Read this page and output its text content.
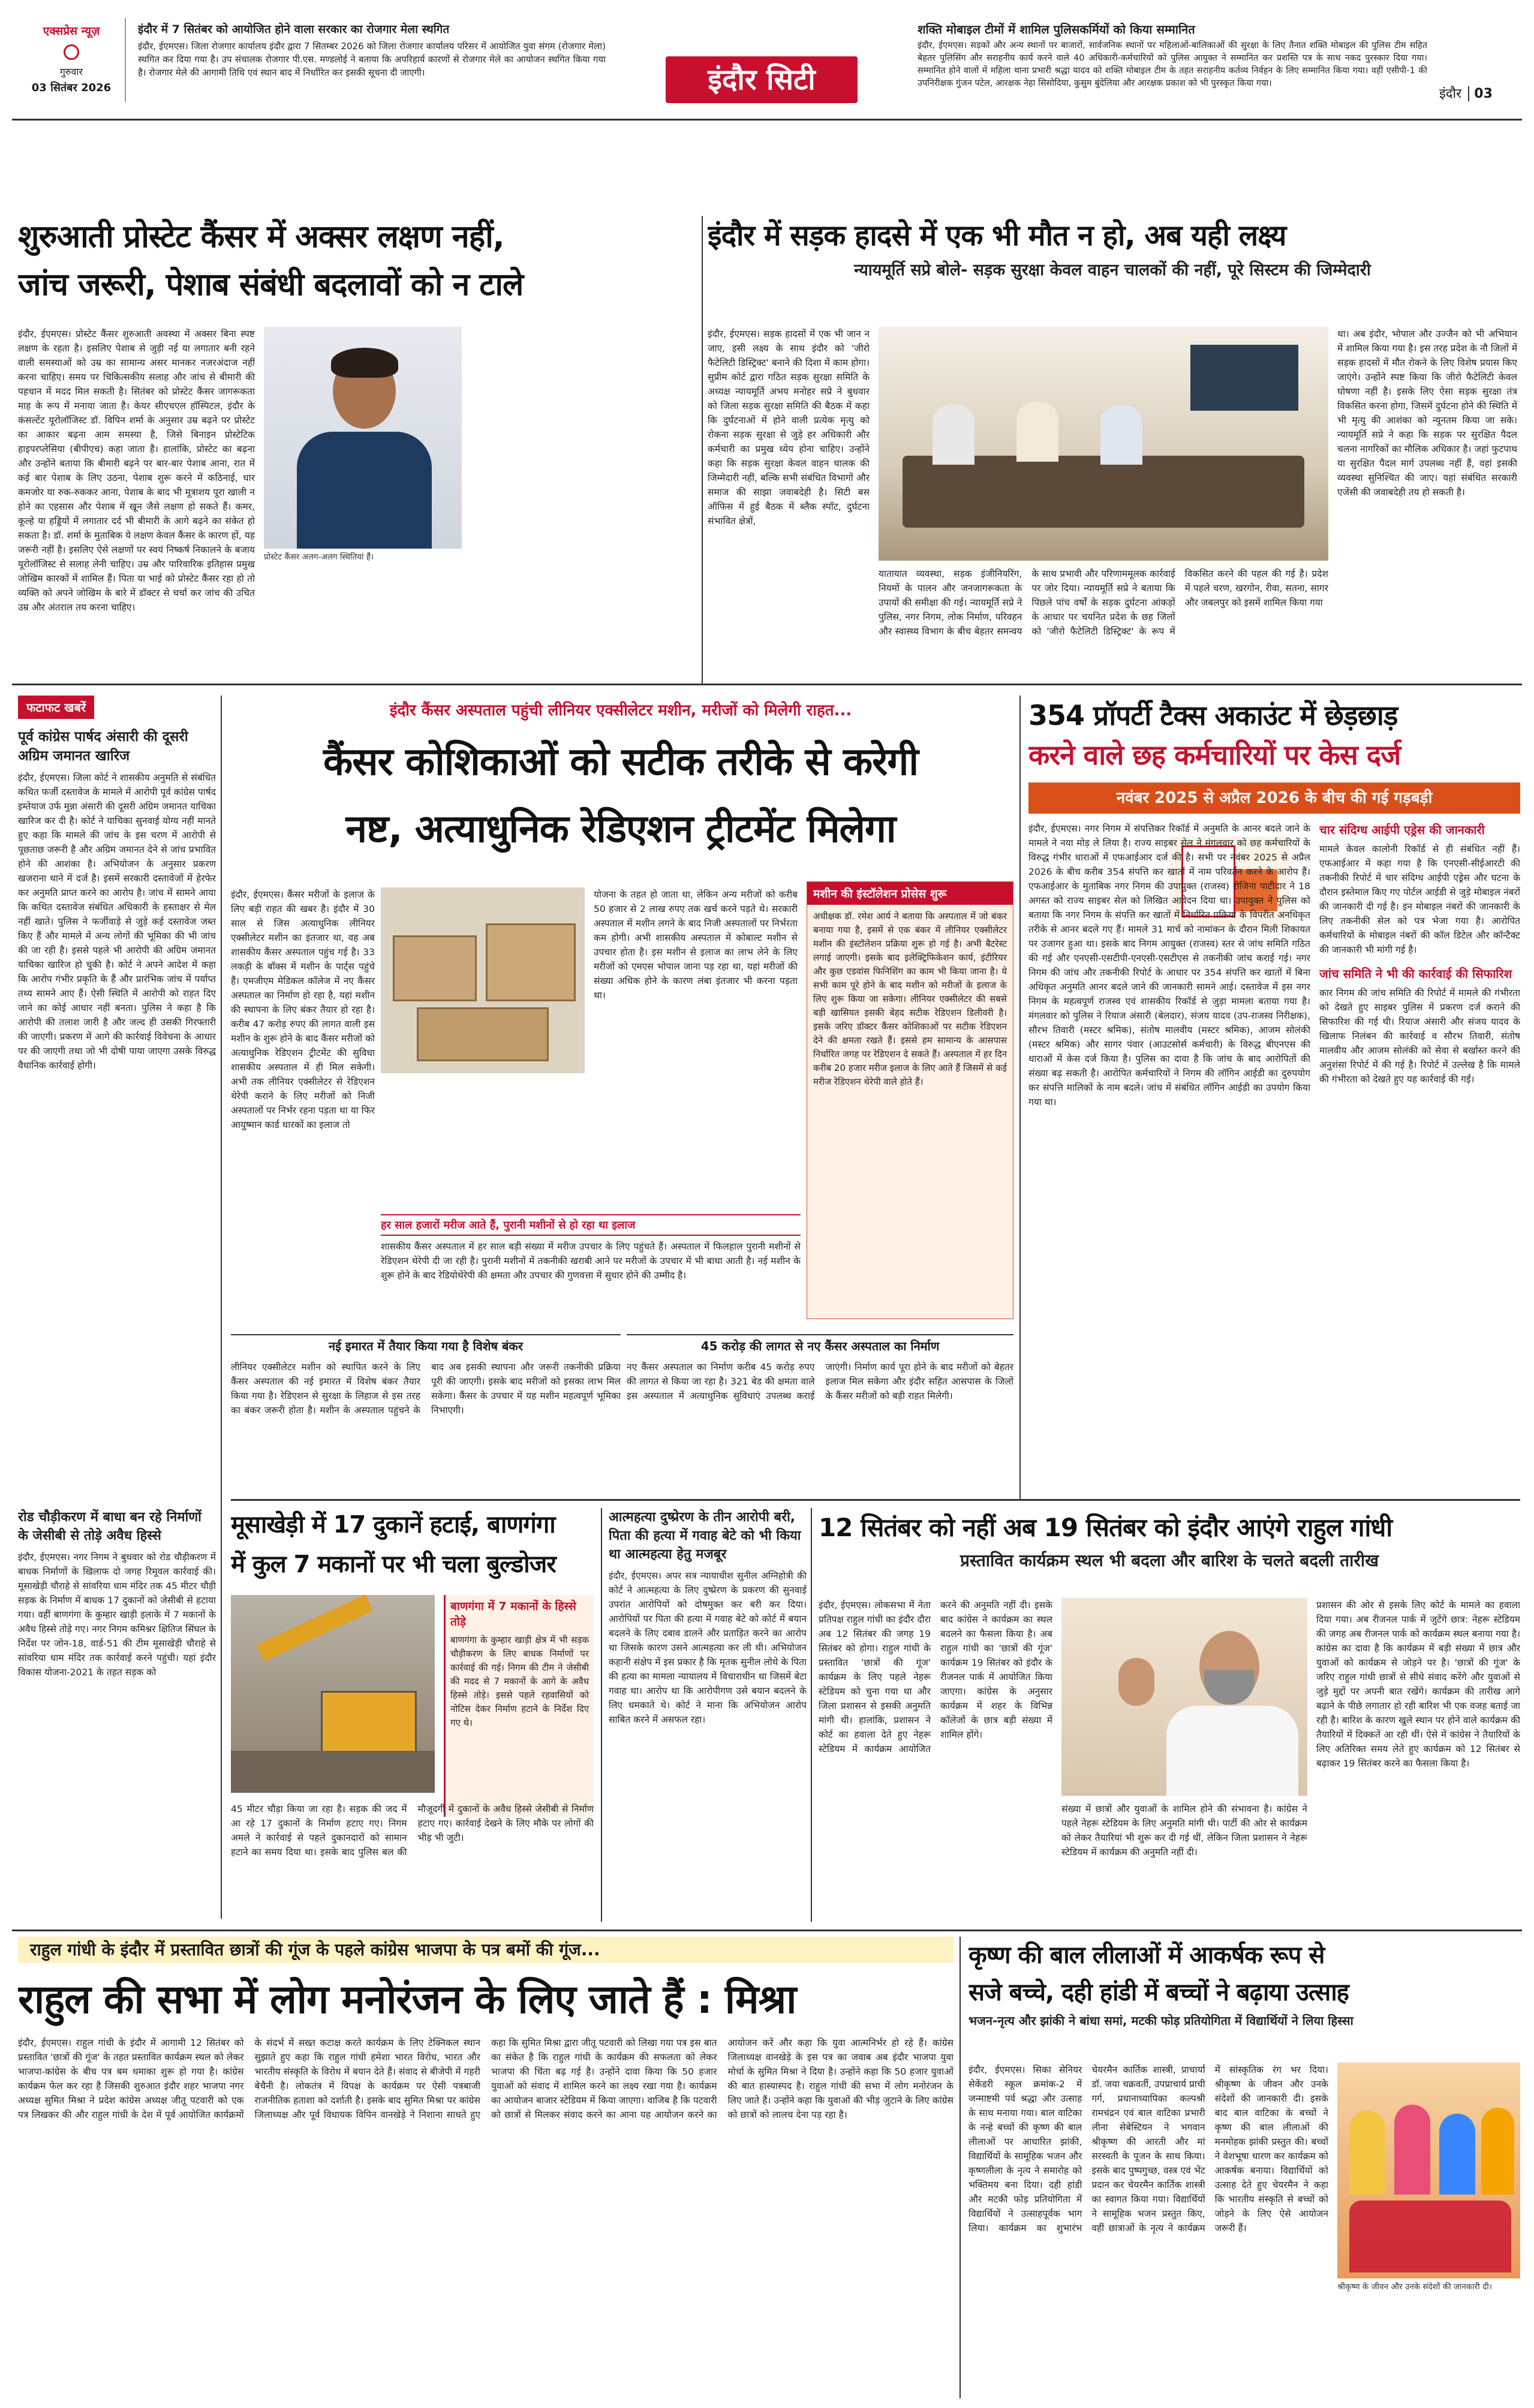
एक्सप्रेस न्यूज़
गुरुवार
03 सितंबर 2026
इंदौर में 7 सितंबर को आयोजित होने वाला सरकार का रोजगार मेला स्थगित
इंदौर, ईएमएस। जिला रोजगार कार्यालय इंदौर द्वारा 7 सितम्बर 2026 को जिला रोजगार कार्यालय परिसर में आयोजित युवा संगम (रोजगार मेला) स्थगित कर दिया गया है। उप संचालक रोजगार पी.एस. मण्डलोई ने बताया कि अपरिहार्य कारणों से रोजगार मेले का आयोजन स्थगित किया गया है। रोजगार मेले की आगामी तिथि एवं स्थान बाद में निर्धारित कर इसकी सूचना दी जाएगी।	इंदौर सिटी
शक्ति मोबाइल टीमों में शामिल पुलिसकर्मियों को किया सम्मानित
इंदौर, ईएमएस। सड़कों और अन्य स्थानों पर बाजारों, सार्वजनिक स्थानों पर महिलाओं-बालिकाओं की सुरक्षा के लिए तैनात शक्ति मोबाइल की पुलिस टीम सहित बेहतर पुलिसिंग और सराहनीय कार्य करने वाले 40 अधिकारी-कर्मचारियों को पुलिस आयुक्त ने सम्मानित कर प्रशस्ति पत्र के साथ नकद पुरस्कार दिया गया। सम्मानित होने वालों में महिला थाना प्रभारी श्रद्धा यादव को शक्ति मोबाइल टीम के तहत सराहनीय कर्तव्य निर्वहन के लिए सम्मानित किया गया। वहीं एसीपी-1 की उपनिरीक्षक गुंजन पटेल, आरक्षक नेहा सिसोदिया, कुसुम बुंदेलिया और आरक्षक प्रकाश को भी पुरस्कृत किया गया।
इंदौर 03
शुरुआती प्रोस्टेट कैंसर में अक्सर लक्षण नहीं,
जांच जरूरी, पेशाब संबंधी बदलावों को न टाले
प्रोस्टेट कैंसर अलग-अलग स्थितियां हैं।
इंदौर, ईएमएस। प्रोस्टेट कैंसर शुरुआती अवस्था में अक्सर बिना स्पष्ट लक्षण के रहता है। इसलिए पेशाब से जुड़ी नई या लगातार बनी रहने वाली समस्याओं को उम्र का सामान्य असर मानकर नजरअंदाज नहीं करना चाहिए। समय पर चिकित्सकीय सलाह और जांच से बीमारी की पहचान में मदद मिल सकती है। सितंबर को प्रोस्टेट कैंसर जागरूकता माह के रूप में मनाया जाता है। केयर सीएचएल हॉस्पिटल, इंदौर के कंसल्टेंट यूरोलॉजिस्ट डॉ. विपिन शर्मा के अनुसार उम्र बढ़ने पर प्रोस्टेट का आकार बढ़ना आम समस्या है, जिसे बिनाइन प्रोस्टेटिक हाइपरप्लेसिया (बीपीएच) कहा जाता है। हालांकि, प्रोस्टेट का बढ़ना और उन्होंने बताया कि बीमारी बढ़ने पर बार-बार पेशाब आना, रात में कई बार पेशाब के लिए उठना, पेशाब शुरू करने में कठिनाई, धार कमजोर या रुक-रुककर आना, पेशाब के बाद भी मूत्राशय पूरा खाली न होने का एहसास और पेशाब में खून जैसे लक्षण हो सकते हैं। कमर, कूल्हे या हड्डियों में लगातार दर्द भी बीमारी के आगे बढ़ने का संकेत हो सकता है। डॉ. शर्मा के मुताबिक ये लक्षण केवल कैंसर के कारण हों, यह जरूरी नहीं है। इसलिए ऐसे लक्षणों पर स्वयं निष्कर्ष निकालने के बजाय यूरोलॉजिस्ट से सलाह लेनी चाहिए। उम्र और पारिवारिक इतिहास प्रमुख जोखिम कारकों में शामिल हैं। पिता या भाई को प्रोस्टेट कैंसर रहा हो तो व्यक्ति को अपने जोखिम के बारे में डॉक्टर से चर्चा कर जांच की उचित उम्र और अंतराल तय करना चाहिए।
इंदौर में सड़क हादसे में एक भी मौत न हो, अब यही लक्ष्य
न्यायमूर्ति सप्रे बोले- सड़क सुरक्षा केवल वाहन चालकों की नहीं, पूरे सिस्टम की जिम्मेदारी
इंदौर, ईएमएस। सड़क हादसों में एक भी जान न जाए, इसी लक्ष्य के साथ इंदौर को 'जीरो फैटेलिटी डिस्ट्रिक्ट' बनाने की दिशा में काम होगा। सुप्रीम कोर्ट द्वारा गठित सड़क सुरक्षा समिति के अध्यक्ष न्यायमूर्ति अभय मनोहर सप्रे ने बुधवार को जिला सड़क सुरक्षा समिति की बैठक में कहा कि दुर्घटनाओं में होने वाली प्रत्येक मृत्यु को रोकना सड़क सुरक्षा से जुड़े हर अधिकारी और कर्मचारी का प्रमुख ध्येय होना चाहिए। उन्होंने कहा कि सड़क सुरक्षा केवल वाहन चालक की जिम्मेदारी नहीं, बल्कि सभी संबंधित विभागों और समाज की साझा जवाबदेही है। सिटी बस ऑफिस में हुई बैठक में ब्लैक स्पॉट, दुर्घटना संभावित क्षेत्रों,
यातायात व्यवस्था, सड़क इंजीनियरिंग, नियमों के पालन और जनजागरूकता के उपायों की समीक्षा की गई। न्यायमूर्ति सप्रे ने पुलिस, नगर निगम, लोक निर्माण, परिवहन और स्वास्थ्य विभाग के बीच बेहतर समन्वय के साथ प्रभावी और परिणाममूलक कार्रवाई पर जोर दिया। न्यायमूर्ति सप्रे ने बताया कि पिछले पांच वर्षों के सड़क दुर्घटना आंकड़ों के आधार पर चयनित प्रदेश के छह जिलों को 'जीरो फैटेलिटी डिस्ट्रिक्ट' के रूप में विकसित करने की पहल की गई है। प्रदेश में पहले चरण, खरगोन, रीवा, सतना, सागर और जबलपुर को इसमें शामिल किया गया
था। अब इंदौर, भोपाल और उज्जैन को भी अभियान में शामिल किया गया है। इस तरह प्रदेश के नौ जिलों में सड़क हादसों में मौत रोकने के लिए विशेष प्रयास किए जाएंगे। उन्होंने स्पष्ट किया कि जीरो फैटेलिटी केवल घोषणा नहीं है। इसके लिए ऐसा सड़क सुरक्षा तंत्र विकसित करना होगा, जिसमें दुर्घटना होने की स्थिति में भी मृत्यु की आशंका को न्यूनतम किया जा सके। न्यायमूर्ति सप्रे ने कहा कि सड़क पर सुरक्षित पैदल चलना नागरिकों का मौलिक अधिकार है। जहां फुटपाथ या सुरक्षित पैदल मार्ग उपलब्ध नहीं हैं, वहां इसकी व्यवस्था सुनिश्चित की जाए। यहां संबंधित सरकारी एजेंसी की जवाबदेही तय हो सकती है।
फटाफट खबरें
पूर्व कांग्रेस पार्षद अंसारी की दूसरी अग्रिम जमानत खारिज
इंदौर, ईएमएस। जिला कोर्ट ने शासकीय अनुमति से संबंधित कथित फर्जी दस्तावेज के मामले में आरोपी पूर्व कांग्रेस पार्षद इम्तेयाज उर्फ मुन्ना अंसारी की दूसरी अग्रिम जमानत याचिका खारिज कर दी है। कोर्ट ने याचिका सुनवाई योग्य नहीं मानते हुए कहा कि मामले की जांच के इस चरण में आरोपी से पूछताछ जरूरी है और अग्रिम जमानत देने से जांच प्रभावित होने की आशंका है। अभियोजन के अनुसार प्रकरण खजराना थाने में दर्ज है। इसमें सरकारी दस्तावेजों में हेरफेर कर अनुमति प्राप्त करने का आरोप है। जांच में सामने आया कि कथित दस्तावेज संबंधित अधिकारी के हस्ताक्षर से मेल नहीं खाते। पुलिस ने फर्जीवाड़े से जुड़े कई दस्तावेज जब्त किए हैं और मामले में अन्य लोगों की भूमिका की भी जांच की जा रही है। इससे पहले भी आरोपी की अग्रिम जमानत याचिका खारिज हो चुकी है। कोर्ट ने अपने आदेश में कहा कि आरोप गंभीर प्रकृति के हैं और प्रारंभिक जांच में पर्याप्त तथ्य सामने आए हैं। ऐसी स्थिति में आरोपी को राहत दिए जाने का कोई आधार नहीं बनता। पुलिस ने कहा है कि आरोपी की तलाश जारी है और जल्द ही उसकी गिरफ्तारी की जाएगी। प्रकरण में आगे की कार्रवाई विवेचना के आधार पर की जाएगी तथा जो भी दोषी पाया जाएगा उसके विरुद्ध वैधानिक कार्रवाई होगी।
इंदौर कैंसर अस्पताल पहुंची लीनियर एक्सीलेटर मशीन, मरीजों को मिलेगी राहत...
कैंसर कोशिकाओं को सटीक तरीके से करेगी
नष्ट, अत्याधुनिक रेडिएशन ट्रीटमेंट मिलेगा
इंदौर, ईएमएस। कैंसर मरीजों के इलाज के लिए बड़ी राहत की खबर है। इंदौर में 30 साल से जिस अत्याधुनिक लीनियर एक्सीलेटर मशीन का इंतजार था, वह अब शासकीय कैंसर अस्पताल पहुंच गई है। 33 लकड़ी के बॉक्स में मशीन के पार्ट्स पहुंचे हैं। एमजीएम मेडिकल कॉलेज में नए कैंसर अस्पताल का निर्माण हो रहा है, यहां मशीन की स्थापना के लिए बंकर तैयार हो रहा है। करीब 47 करोड़ रुपए की लागत वाली इस मशीन के शुरू होने के बाद कैंसर मरीजों को अत्याधुनिक रेडिएशन ट्रीटमेंट की सुविधा शासकीय अस्पताल में ही मिल सकेगी। अभी तक लीनियर एक्सीलेटर से रेडिएशन थेरेपी कराने के लिए मरीजों को निजी अस्पतालों पर निर्भर रहना पड़ता था या फिर आयुष्मान कार्ड धारकों का इलाज तो
योजना के तहत हो जाता था, लेकिन अन्य मरीजों को करीब 50 हजार से 2 लाख रुपए तक खर्च करने पड़ते थे। सरकारी अस्पताल में मशीन लगने के बाद निजी अस्पतालों पर निर्भरता कम होगी। अभी शासकीय अस्पताल में कोबाल्ट मशीन से उपचार होता है। इस मशीन से इलाज का लाभ लेने के लिए मरीजों को एमएस भोपाल जाना पड़ रहा था, यहां मरीजों की संख्या अधिक होने के कारण लंबा इंतजार भी करना पड़ता था।
मशीन की इंस्टॉलेशन प्रोसेस शुरू
अधीक्षक डॉ. रमेश आर्य ने बताया कि अस्पताल में जो बंकर बनाया गया है, इसमें से एक बंकर में लीनियर एक्सीलेटर मशीन की इंस्टॉलेशन प्रक्रिया शुरू हो गई है। अभी बैटरेस्ट लगाई जाएगी। इसके बाद इलेक्ट्रिफिकेशन कार्य, इंटीरियर और कुछ एडवांस फिनिशिंग का काम भी किया जाना है। ये सभी काम पूरे होने के बाद मशीन को मरीजों के इलाज के लिए शुरू किया जा सकेगा। लीनियर एक्सीलेटर की सबसे बड़ी खासियत इसकी बेहद सटीक रेडिएशन डिलीवरी है। इसके जरिए डॉक्टर कैंसर कोशिकाओं पर सटीक रेडिएशन देने की क्षमता रखते हैं। इससे हम सामान्य के आसपास निर्धारित जगह पर रेडिएशन दे सकते हैं। अस्पताल में हर दिन करीब 20 हजार मरीज इलाज के लिए आते हैं जिसमें से कई मरीज रेडिएशन थेरेपी वाले होते हैं।
हर साल हजारों मरीज आते हैं, पुरानी मशीनों से हो रहा था इलाज
शासकीय कैंसर अस्पताल में हर साल बड़ी संख्या में मरीज उपचार के लिए पहुंचते हैं। अस्पताल में फिलहाल पुरानी मशीनों से रेडिएशन थेरेपी दी जा रही है। पुरानी मशीनों में तकनीकी खराबी आने पर मरीजों के उपचार में भी बाधा आती है। नई मशीन के शुरू होने के बाद रेडियोथेरेपी की क्षमता और उपचार की गुणवत्ता में सुधार होने की उम्मीद है।
नई इमारत में तैयार किया गया है विशेष बंकर
लीनियर एक्सीलेटर मशीन को स्थापित करने के लिए कैंसर अस्पताल की नई इमारत में विशेष बंकर तैयार किया गया है। रेडिएशन से सुरक्षा के लिहाज से इस तरह का बंकर जरूरी होता है। मशीन के अस्पताल पहुंचने के बाद अब इसकी स्थापना और जरूरी तकनीकी प्रक्रिया पूरी की जाएगी। इसके बाद मरीजों को इसका लाभ मिल सकेगा। कैंसर के उपचार में यह मशीन महत्वपूर्ण भूमिका निभाएगी।
45 करोड़ की लागत से नए कैंसर अस्पताल का निर्माण
नए कैंसर अस्पताल का निर्माण करीब 45 करोड़ रुपए की लागत से किया जा रहा है। 321 बेड की क्षमता वाले इस अस्पताल में अत्याधुनिक सुविधाएं उपलब्ध कराई जाएंगी। निर्माण कार्य पूरा होने के बाद मरीजों को बेहतर इलाज मिल सकेगा और इंदौर सहित आसपास के जिलों के कैंसर मरीजों को बड़ी राहत मिलेगी।
354 प्रॉपर्टी टैक्स अकाउंट में छेड़छाड़
करने वाले छह कर्मचारियों पर केस दर्ज
नवंबर 2025 से अप्रैल 2026 के बीच की गई गड़बड़ी
इंदौर, ईएमएस। नगर निगम में संपत्तिकर रिकॉर्ड में अनुमति के आनर बदले जाने के मामले ने नया मोड़ ले लिया है। राज्य साइबर सेल ने मंगलवार को छह कर्मचारियों के विरुद्ध गंभीर धाराओं में एफआईआर दर्ज की है। सभी पर नवंबर 2025 से अप्रैल 2026 के बीच करीब 354 संपत्ति कर खातों में नाम परिवर्तन करने के आरोप हैं। एफआईआर के मुताबिक नगर निगम की उपायुक्त (राजस्व) रोजिना पाटीदार ने 18 अगस्त को राज्य साइबर सेल को लिखित आवेदन दिया था। उपायुक्त ने पुलिस को बताया कि नगर निगम के संपत्ति कर खातों में निर्धारित प्रक्रिया के विपरीत अनधिकृत तरीके से आनर बदले गए हैं। मामले 31 मार्च को नामांकन के दौरान मिली शिकायत पर उजागर हुआ था। इसके बाद निगम आयुक्त (राजस्व) स्तर से जांच समिति गठित की गई और एनएसी-एसटीपी-एनएसी-एसटीएस से तकनीकी जांच कराई गई। नगर निगम की जांच और तकनीकी रिपोर्ट के आधार पर 354 संपत्ति कर खातों में बिना अधिकृत अनुमति आनर बदले जाने की जानकारी सामने आई। दस्तावेज में इस नगर निगम के महत्वपूर्ण राजस्व एवं शासकीय रिकॉर्ड से जुड़ा मामला बताया गया है। मंगलवार को पुलिस ने रियाज अंसारी (बेलदार), संजय यादव (उप-राजस्व निरीक्षक), सौरभ तिवारी (मस्टर श्रमिक), संतोष मालवीय (मस्टर श्रमिक), आजम सोलंकी (मस्टर श्रमिक) और सागर पंवार (आउटसोर्स कर्मचारी) के विरुद्ध बीएनएस की धाराओं में केस दर्ज किया है। पुलिस का दावा है कि जांच के बाद आरोपितों की संख्या बढ़ सकती है। आरोपित कर्मचारियों ने निगम की लॉगिन आईडी का दुरुपयोग कर संपत्ति मालिकों के नाम बदले। जांच में संबंधित लॉगिन आईडी का उपयोग किया गया था।
चार संदिग्ध आईपी एड्रेस की जानकारी
मामले केवल कालोनी रिकॉर्ड से ही संबंधित नहीं हैं। एफआईआर में कहा गया है कि एनएसी-सीईआरटी की तकनीकी रिपोर्ट में चार संदिग्ध आईपी एड्रेस और घटना के दौरान इस्तेमाल किए गए पोर्टल आईडी से जुड़े मोबाइल नंबरों की जानकारी दी गई है। इन मोबाइल नंबरों की जानकारी के लिए तकनीकी सेल को पत्र भेजा गया है। आरोपित कर्मचारियों के मोबाइल नंबरों की कॉल डिटेल और कॉन्टैक्ट की जानकारी भी मांगी गई है।
जांच समिति ने भी की कार्रवाई की सिफारिश
कार निगम की जांच समिति की रिपोर्ट में मामले की गंभीरता को देखते हुए साइबर पुलिस में प्रकरण दर्ज कराने की सिफारिश की गई थी। रियाज अंसारी और संजय यादव के खिलाफ निलंबन की कार्रवाई व सौरभ तिवारी, संतोष मालवीय और आजम सोलंकी को सेवा से बर्खास्त करने की अनुशंसा रिपोर्ट में की गई है। रिपोर्ट में उल्लेख है कि मामले की गंभीरता को देखते हुए यह कार्रवाई की गई।
रोड चौड़ीकरण में बाधा बन रहे निर्माणों के जेसीबी से तोड़े अवैध हिस्से
इंदौर, ईएमएस। नगर निगम ने बुधवार को रोड चौड़ीकरण में बाधक निर्माणों के खिलाफ दो जगह रिमूवल कार्रवाई की। मूसाखेड़ी चौराहे से सांवरिया धाम मंदिर तक 45 मीटर चौड़ी सड़क के निर्माण में बाधक 17 दुकानों को जेसीबी से हटाया गया। वहीं बाणगंगा के कुम्हार खाड़ी इलाके में 7 मकानों के अवैध हिस्से तोड़े गए। नगर निगम कमिश्नर क्षितिज सिंघल के निर्देश पर जोन-18, वार्ड-51 की टीम मूसाखेड़ी चौराहे से सांवरिया धाम मंदिर तक कार्रवाई करने पहुंची। यहां इंदौर विकास योजना-2021 के तहत सड़क को
मूसाखेड़ी में 17 दुकानें हटाई, बाणगंगा
में कुल 7 मकानों पर भी चला बुल्डोजर
बाणगंगा में 7 मकानों के हिस्से तोड़े
बाणगंगा के कुम्हार खाड़ी क्षेत्र में भी सड़क चौड़ीकरण के लिए बाधक निर्माणों पर कार्रवाई की गई। निगम की टीम ने जेसीबी की मदद से 7 मकानों के आगे के अवैध हिस्से तोड़े। इससे पहले रहवासियों को नोटिस देकर निर्माण हटाने के निर्देश दिए गए थे।
45 मीटर चौड़ा किया जा रहा है। सड़क की जद में आ रहे 17 दुकानों के निर्माण हटाए गए। निगम अमले ने कार्रवाई से पहले दुकानदारों को सामान हटाने का समय दिया था। इसके बाद पुलिस बल की मौजूदगी में दुकानों के अवैध हिस्से जेसीबी से निर्माण हटाए गए। कार्रवाई देखने के लिए मौके पर लोगों की भीड़ भी जुटी।
आत्महत्या दुष्प्रेरण के तीन आरोपी बरी, पिता की हत्या में गवाह बेटे को भी किया था आत्महत्या हेतु मजबूर
इंदौर, ईएमएस। अपर सत्र न्यायाधीश सुनील अग्निहोत्री की कोर्ट ने आत्महत्या के लिए दुष्प्रेरण के प्रकरण की सुनवाई उपरांत आरोपियों को दोषमुक्त कर बरी कर दिया। आरोपियों पर पिता की हत्या में गवाह बेटे को कोर्ट में बयान बदलने के लिए दबाव डालने और प्रताड़ित करने का आरोप था जिसके कारण उसने आत्महत्या कर ली थी। अभियोजन कहानी संक्षेप में इस प्रकार है कि मृतक सुनील लोधे के पिता की हत्या का मामला न्यायालय में विचाराधीन था जिसमें बेटा गवाह था। आरोप था कि आरोपीगण उसे बयान बदलने के लिए धमकाते थे। कोर्ट ने माना कि अभियोजन आरोप साबित करने में असफल रहा।
12 सितंबर को नहीं अब 19 सितंबर को इंदौर आएंगे राहुल गांधी
प्रस्तावित कार्यक्रम स्थल भी बदला और बारिश के चलते बदली तारीख
इंदौर, ईएमएस। लोकसभा में नेता प्रतिपक्ष राहुल गांधी का इंदौर दौरा अब 12 सितंबर की जगह 19 सितंबर को होगा। राहुल गांधी के प्रस्तावित 'छात्रों की गूंज' कार्यक्रम के लिए पहले नेहरू स्टेडियम को चुना गया था और जिला प्रशासन से इसकी अनुमति मांगी थी। हालांकि, प्रशासन ने कोर्ट का हवाला देते हुए नेहरू स्टेडियम में कार्यक्रम आयोजित करने की अनुमति नहीं दी। इसके बाद कांग्रेस ने कार्यक्रम का स्थल बदलने का फैसला किया है। अब राहुल गांधी का 'छात्रों की गूंज' कार्यक्रम 19 सितंबर को इंदौर के रीजनल पार्क में आयोजित किया जाएगा। कांग्रेस के अनुसार कार्यक्रम में शहर के विभिन्न कॉलेजों के छात्र बड़ी संख्या में शामिल होंगे।
संख्या में छात्रों और युवाओं के शामिल होने की संभावना है। कांग्रेस ने पहले नेहरू स्टेडियम के लिए अनुमति मांगी थी। पार्टी की ओर से कार्यक्रम को लेकर तैयारियां भी शुरू कर दी गई थीं, लेकिन जिला प्रशासन ने नेहरू स्टेडियम में कार्यक्रम की अनुमति नहीं दी।
प्रशासन की ओर से इसके लिए कोर्ट के मामले का हवाला दिया गया। अब रीजनल पार्क में जुटेंगे छात्र: नेहरू स्टेडियम की जगह अब रीजनल पार्क को कार्यक्रम स्थल बनाया गया है। कांग्रेस का दावा है कि कार्यक्रम में बड़ी संख्या में छात्र और युवाओं को कार्यक्रम से जोड़ने पर है। 'छात्रों की गूंज' के जरिए राहुल गांधी छात्रों से सीधे संवाद करेंगे और युवाओं से जुड़े मुद्दों पर अपनी बात रखेंगे। कार्यक्रम की तारीख आगे बढ़ाने के पीछे लगातार हो रही बारिश भी एक वजह बताई जा रही है। बारिश के कारण खुले स्थान पर होने वाले कार्यक्रम की तैयारियों में दिक्कतें आ रही थीं। ऐसे में कांग्रेस ने तैयारियों के लिए अतिरिक्त समय लेते हुए कार्यक्रम को 12 सितंबर से बढ़ाकर 19 सितंबर करने का फैसला किया है।
राहुल गांधी के इंदौर में प्रस्तावित छात्रों की गूंज के पहले कांग्रेस भाजपा के पत्र बमों की गूंज...
राहुल की सभा में लोग मनोरंजन के लिए जाते हैं : मिश्रा
इंदौर, ईएमएस। राहुल गांधी के इंदौर में आगामी 12 सितंबर को प्रस्तावित 'छात्रों की गूंज' के तहत प्रस्तावित कार्यक्रम स्थल को लेकर भाजपा-कांग्रेस के बीच पत्र बम धमाका शुरू हो गया है। कांग्रेस कार्यक्रम फेल कर रहा है जिसकी शुरुआत इंदौर शहर भाजपा नगर अध्यक्ष सुमित मिश्रा ने प्रदेश कांग्रेस अध्यक्ष जीतू पटवारी को एक पत्र लिखकर की और राहुल गांधी के देश में पूर्व आयोजित कार्यक्रमों के संदर्भ में सख्त कटाक्ष करते कार्यक्रम के लिए टेक्निकल स्थान सुझाते हुए कहा कि राहुल गांधी हमेशा भारत विरोध, भारत और भारतीय संस्कृति के विरोध में बयान देते हैं। संवाद से बीजेपी में गहरी बेचैनी है। लोकतंत्र में विपक्ष के कार्यक्रम पर ऐसी पत्रबाजी राजनीतिक हताशा को दर्शाती है। इसके बाद सुमित मिश्रा पर कांग्रेस जिलाध्यक्ष और पूर्व विधायक विपिन वानखेड़े ने निशाना साधते हुए कहा कि सुमित मिश्रा द्वारा जीतू पटवारी को लिखा गया पत्र इस बात का संकेत है कि राहुल गांधी के कार्यक्रम की सफलता को लेकर भाजपा की चिंता बढ़ गई है। उन्होंने दावा किया कि 50 हजार युवाओं को संवाद में शामिल करने का लक्ष्य रखा गया है। कार्यक्रम का आयोजन बाजार स्टेडियम में किया जाएगा। वाजिब है कि पटवारी को छात्रों से मिलकर संवाद करने का आना यह आयोजन करने का आयोजन करें और कहा कि युवा आत्मनिर्भर हो रहे हैं। कांग्रेस जिलाध्यक्ष वानखेड़े के इस पत्र का जवाब अब इंदौर भाजपा युवा मोर्चा के सुमित मिश्रा ने दिया है। उन्होंने कहा कि 50 हजार युवाओं की बात हास्यास्पद है। राहुल गांधी की सभा में लोग मनोरंजन के लिए जाते हैं। उन्होंने कहा कि युवाओं की भीड़ जुटाने के लिए कांग्रेस को छात्रों को लालच देना पड़ रहा है।
कृष्ण की बाल लीलाओं में आकर्षक रूप से
सजे बच्चे, दही हांडी में बच्चों ने बढ़ाया उत्साह
भजन-नृत्य और झांकी ने बांधा समां, मटकी फोड़ प्रतियोगिता में विद्यार्थियों ने लिया हिस्सा
इंदौर, ईएमएस। सिका सेनियर सेकेंडरी स्कूल क्रमांक-2 में जन्माष्टमी पर्व श्रद्धा और उत्साह के साथ मनाया गया। बाल वाटिका के नन्हे बच्चों की कृष्ण की बाल लीलाओं पर आधारित झांकी, विद्यार्थियों के सामूहिक भजन और कृष्णलीला के नृत्य ने समारोह को भक्तिमय बना दिया। दही हांडी और मटकी फोड़ प्रतियोगिता में विद्यार्थियों ने उत्साहपूर्वक भाग लिया। कार्यक्रम का शुभारंभ चेयरमैन कार्तिक शास्त्री, प्राचार्या डॉ. जया चक्रवर्ती, उपप्राचार्य प्राची गर्ग, प्रधानाध्यापिका कल्पश्री रामचंद्रन एवं बाल वाटिका प्रभारी लीना सेबेस्टियन ने भगवान श्रीकृष्ण की आरती और मां सरस्वती के पूजन के साथ किया। इसके बाद पुष्पगुच्छ, वस्त्र एवं भेंट प्रदान कर चेयरमैन कार्तिक शास्त्री का स्वागत किया गया। विद्यार्थियों ने सामूहिक भजन प्रस्तुत किए, वहीं छात्राओं के नृत्य ने कार्यक्रम में सांस्कृतिक रंग भर दिया। श्रीकृष्ण के जीवन और उनके संदेशों की जानकारी दी। इसके बाद बाल वाटिका के बच्चों ने कृष्ण की बाल लीलाओं की मनमोहक झांकी प्रस्तुत की। बच्चों ने वेशभूषा धारण कर कार्यक्रम को आकर्षक बनाया। विद्यार्थियों को उत्साह देते हुए चेयरमैन ने कहा कि भारतीय संस्कृति से बच्चों को जोड़ने के लिए ऐसे आयोजन जरूरी हैं।
श्रीकृष्ण के जीवन और उनके संदेशों की जानकारी दी।
